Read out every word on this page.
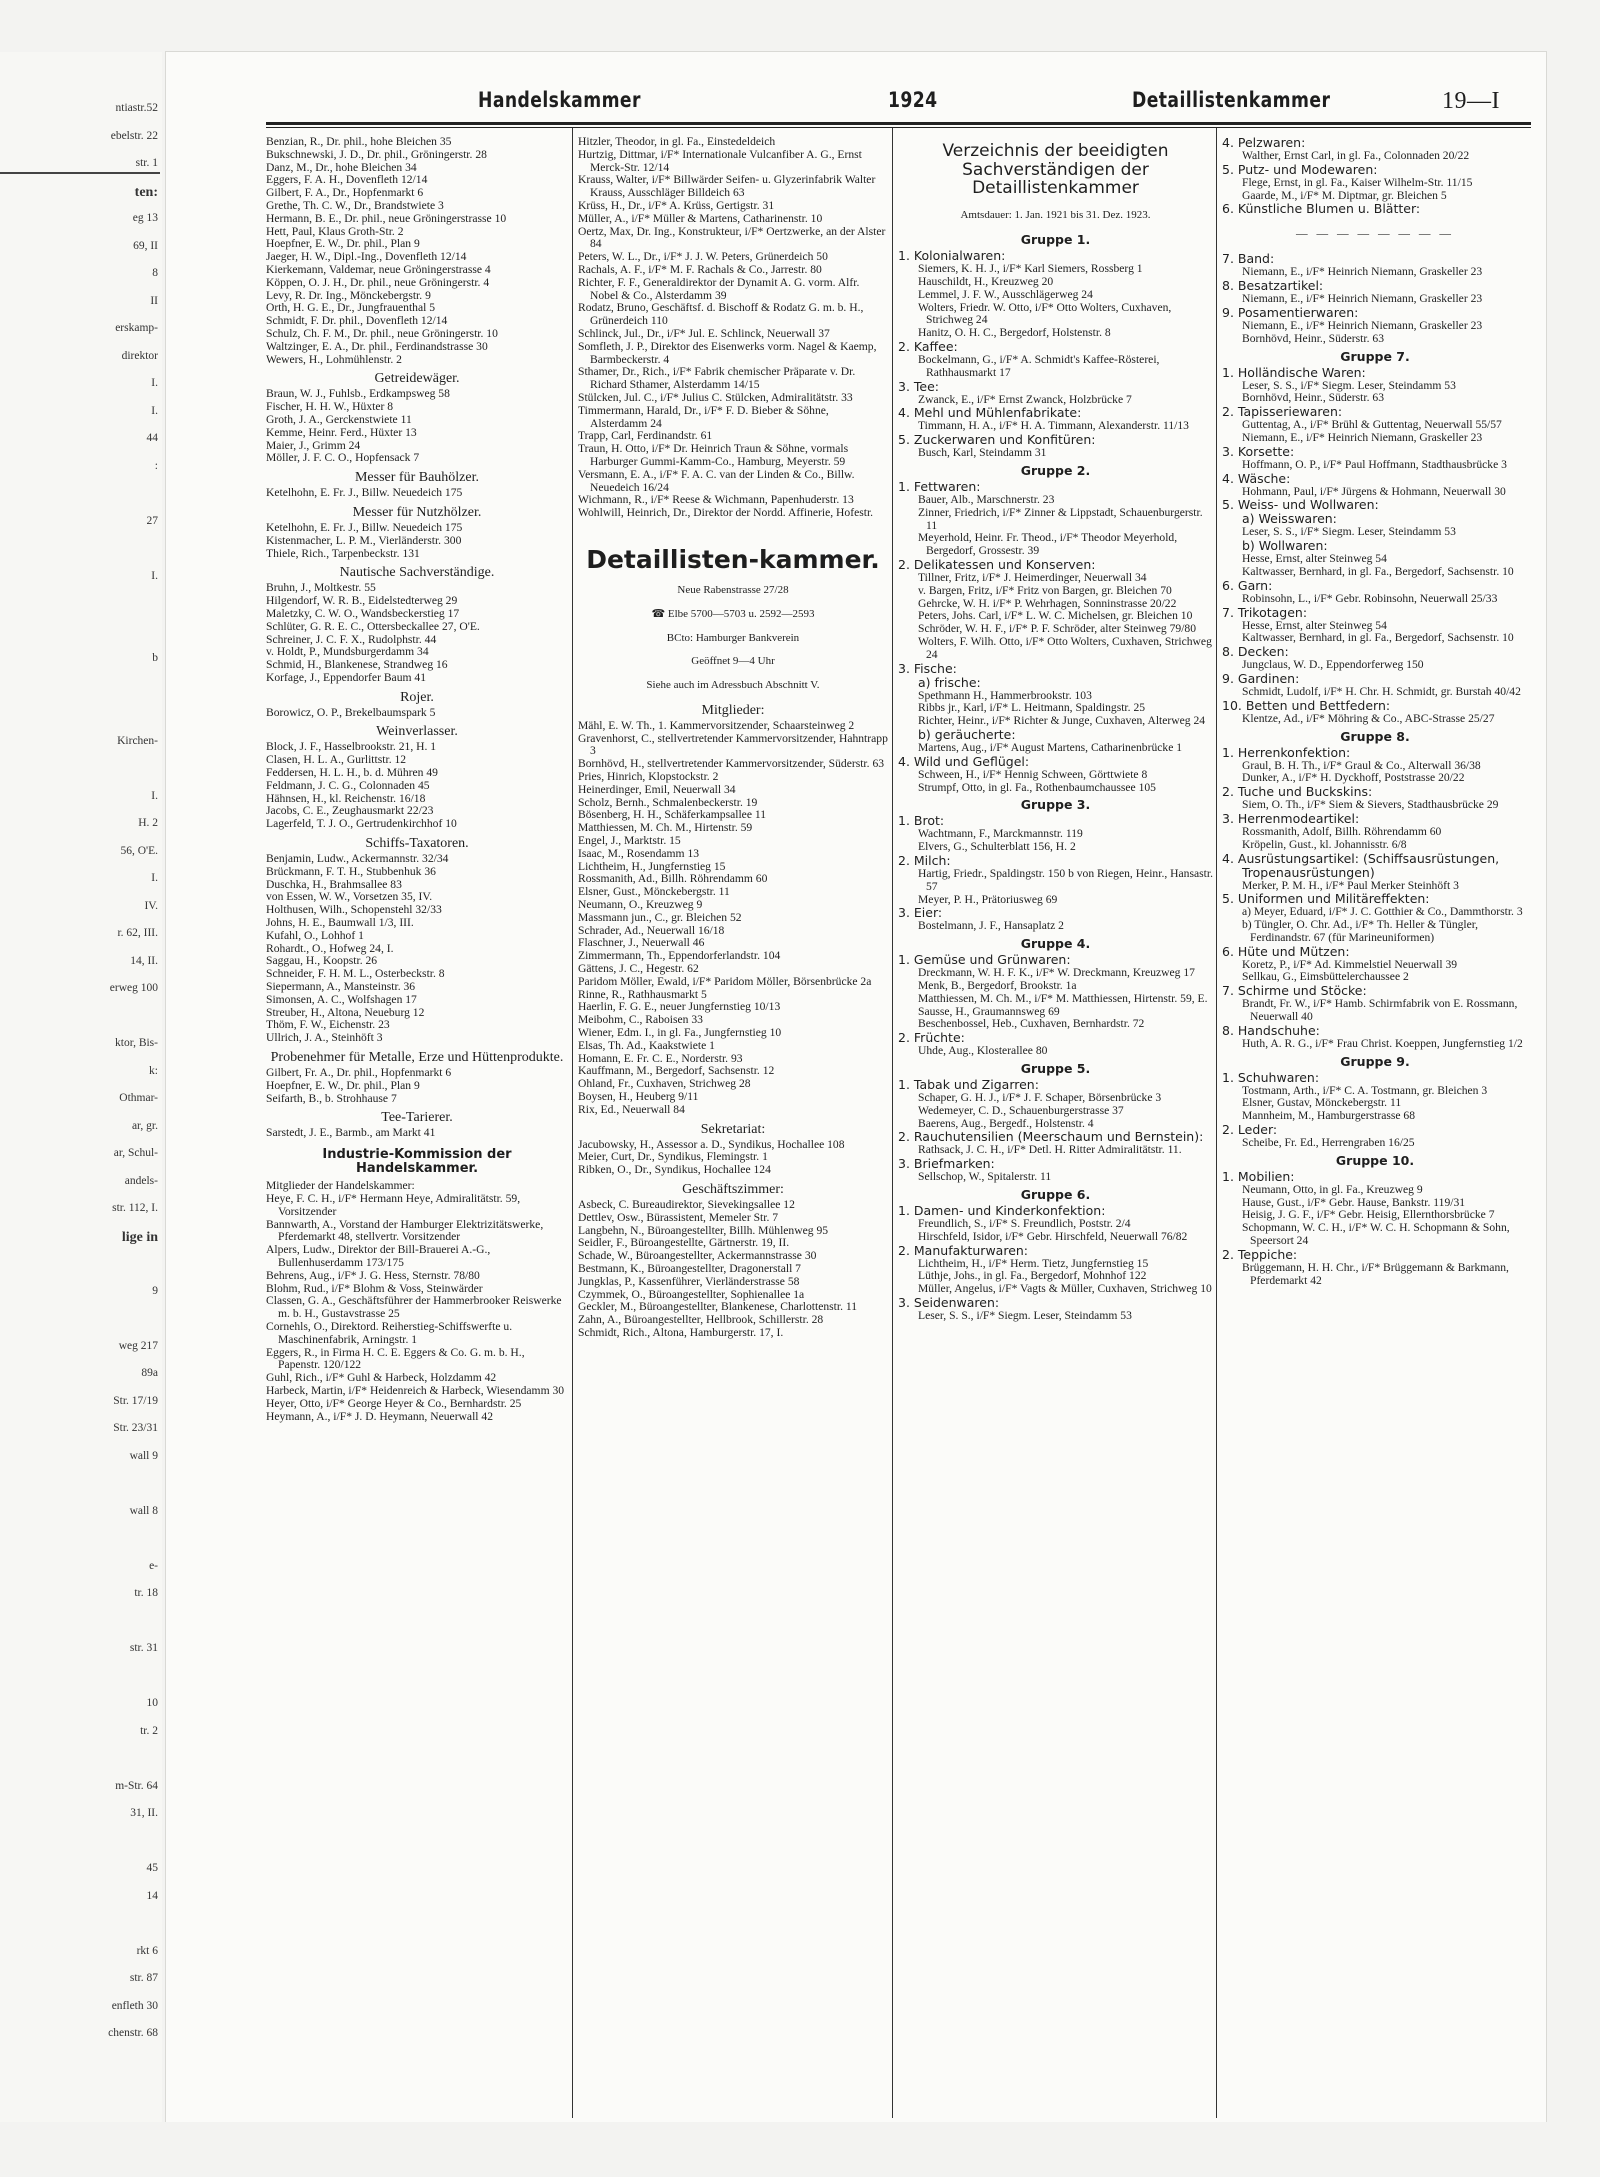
ntiastr.52
ebelstr. 22
str. 1
ten:
eg 13
69, II
8
II
erskamp-
direktor
I.
I.
44
:
27
I.
b
Kirchen-
I.
H. 2
56, O'E.
I.
IV.
r. 62, III.
14, II.
erweg 100
ktor, Bis-
k:
Othmar-
ar, gr.
ar, Schul-
andels-
str. 112, I.
lige in
9
weg 217
89a
Str. 17/19
Str. 23/31
wall 9
wall 8
e-
tr. 18
str. 31
10
tr. 2
m-Str. 64
31, II.
45
14
rkt 6
str. 87
enfleth 30
chenstr. 68
Handelskammer	1924	Detaillistenkammer	19—I

Benzian, R., Dr. phil., hohe Bleichen 35

Bukschnewski, J. D., Dr. phil., Gröningerstr. 28

Danz, M., Dr., hohe Bleichen 34

Eggers, F. A. H., Dovenfleth 12/14

Gilbert, F. A., Dr., Hopfenmarkt 6

Grethe, Th. C. W., Dr., Brandstwiete 3

Hermann, B. E., Dr. phil., neue Gröningerstrasse 10

Hett, Paul, Klaus Groth-Str. 2

Hoepfner, E. W., Dr. phil., Plan 9

Jaeger, H. W., Dipl.-Ing., Dovenfleth 12/14

Kierkemann, Valdemar, neue Gröningerstrasse 4

Köppen, O. J. H., Dr. phil., neue Gröningerstr. 4

Levy, R. Dr. Ing., Mönckebergstr. 9

Orth, H. G. E., Dr., Jungfrauenthal 5

Schmidt, F. Dr. phil., Dovenfleth 12/14

Schulz, Ch. F. M., Dr. phil., neue Gröningerstr. 10

Waltzinger, E. A., Dr. phil., Ferdinandstrasse 30

Wewers, H., Lohmühlenstr. 2

Getreidewäger.

Braun, W. J., Fuhlsb., Erdkampsweg 58

Fischer, H. H. W., Hüxter 8

Groth, J. A., Gerckenstwiete 11

Kemme, Heinr. Ferd., Hüxter 13

Maier, J., Grimm 24

Möller, J. F. C. O., Hopfensack 7

Messer für Bauhölzer.

Ketelhohn, E. Fr. J., Billw. Neuedeich 175

Messer für Nutzhölzer.

Ketelhohn, E. Fr. J., Billw. Neuedeich 175

Kistenmacher, L. P. M., Vierländerstr. 300

Thiele, Rich., Tarpenbeckstr. 131

Nautische Sachverständige.

Bruhn, J., Moltkestr. 55

Hilgendorf, W. R. B., Eidelstedterweg 29

Maletzky, C. W. O., Wandsbeckerstieg 17

Schlüter, G. R. E. C., Ottersbeckallee 27, O'E.

Schreiner, J. C. F. X., Rudolphstr. 44

v. Holdt, P., Mundsburgerdamm 34

Schmid, H., Blankenese, Strandweg 16

Korfage, J., Eppendorfer Baum 41

Rojer.

Borowicz, O. P., Brekelbaumspark 5

Weinverlasser.

Block, J. F., Hasselbrookstr. 21, H. 1

Clasen, H. L. A., Gurlittstr. 12

Feddersen, H. L. H., b. d. Mühren 49

Feldmann, J. C. G., Colonnaden 45

Hähnsen, H., kl. Reichenstr. 16/18

Jacobs, C. E., Zeughausmarkt 22/23

Lagerfeld, T. J. O., Gertrudenkirchhof 10

Schiffs-Taxatoren.

Benjamin, Ludw., Ackermannstr. 32/34

Brückmann, F. T. H., Stubbenhuk 36

Duschka, H., Brahmsallee 83

von Essen, W. W., Vorsetzen 35, IV.

Holthusen, Wilh., Schopenstehl 32/33

Johns, H. E., Baumwall 1/3, III.

Kufahl, O., Lohhof 1

Rohardt., O., Hofweg 24, I.

Saggau, H., Koopstr. 26

Schneider, F. H. M. L., Osterbeckstr. 8

Siepermann, A., Mansteinstr. 36

Simonsen, A. C., Wolfshagen 17

Streuber, H., Altona, Neueburg 12

Thöm, F. W., Eichenstr. 23

Ullrich, J. A., Steinhöft 3

Probenehmer für Metalle, Erze und Hüttenprodukte.

Gilbert, Fr. A., Dr. phil., Hopfenmarkt 6

Hoepfner, E. W., Dr. phil., Plan 9

Seifarth, B., b. Strohhause 7

Tee-Tarierer.

Sarstedt, J. E., Barmb., am Markt 41

Industrie-Kommission der Handelskammer.

Mitglieder der Handelskammer:

Heye, F. C. H., i/F* Hermann Heye, Admiralitätstr. 59, Vorsitzender

Bannwarth, A., Vorstand der Hamburger Elektrizitätswerke, Pferdemarkt 48, stellvertr. Vorsitzender

Alpers, Ludw., Direktor der Bill-Brauerei A.-G., Bullenhuserdamm 173/175

Behrens, Aug., i/F* J. G. Hess, Sternstr. 78/80

Blohm, Rud., i/F* Blohm & Voss, Steinwärder

Classen, G. A., Geschäftsführer der Hammerbrooker Reiswerke m. b. H., Gustavstrasse 25

Cornehls, O., Direktord. Reiherstieg-Schiffswerfte u. Maschinenfabrik, Arningstr. 1

Eggers, R., in Firma H. C. E. Eggers & Co. G. m. b. H., Papenstr. 120/122

Guhl, Rich., i/F* Guhl & Harbeck, Holzdamm 42

Harbeck, Martin, i/F* Heidenreich & Harbeck, Wiesendamm 30

Heyer, Otto, i/F* George Heyer & Co., Bernhardstr. 25

Heymann, A., i/F* J. D. Heymann, Neuerwall 42

Hitzler, Theodor, in gl. Fa., Einstedeldeich

Hurtzig, Dittmar, i/F* Internationale Vulcanfiber A. G., Ernst Merck-Str. 12/14

Krauss, Walter, i/F* Billwärder Seifen- u. Glyzerinfabrik Walter Krauss, Ausschläger Billdeich 63

Krüss, H., Dr., i/F* A. Krüss, Gertigstr. 31

Müller, A., i/F* Müller & Martens, Catharinenstr. 10

Oertz, Max, Dr. Ing., Konstrukteur, i/F* Oertzwerke, an der Alster 84

Peters, W. L., Dr., i/F* J. J. W. Peters, Grünerdeich 50

Rachals, A. F., i/F* M. F. Rachals & Co., Jarrestr. 80

Richter, F. F., Generaldirektor der Dynamit A. G. vorm. Alfr. Nobel & Co., Alsterdamm 39

Rodatz, Bruno, Geschäftsf. d. Bischoff & Rodatz G. m. b. H., Grünerdeich 110

Schlinck, Jul., Dr., i/F* Jul. E. Schlinck, Neuerwall 37

Somfleth, J. P., Direktor des Eisenwerks vorm. Nagel & Kaemp, Barmbeckerstr. 4

Sthamer, Dr., Rich., i/F* Fabrik chemischer Präparate v. Dr. Richard Sthamer, Alsterdamm 14/15

Stülcken, Jul. C., i/F* Julius C. Stülcken, Admiralitätstr. 33

Timmermann, Harald, Dr., i/F* F. D. Bieber & Söhne, Alsterdamm 24

Trapp, Carl, Ferdinandstr. 61

Traun, H. Otto, i/F* Dr. Heinrich Traun & Söhne, vormals Harburger Gummi-Kamm-Co., Hamburg, Meyerstr. 59

Versmann, E. A., i/F* F. A. C. van der Linden & Co., Billw. Neuedeich 16/24

Wichmann, R., i/F* Reese & Wichmann, Papenhuderstr. 13

Wohlwill, Heinrich, Dr., Direktor der Nordd. Affinerie, Hofestr.

Detaillisten-kammer.

Neue Rabenstrasse 27/28

☎ Elbe 5700—5703 u. 2592—2593

BCto: Hamburger Bankverein

Geöffnet 9—4 Uhr

Siehe auch im Adressbuch Abschnitt V.

Mitglieder:

Mähl, E. W. Th., 1. Kammervorsitzender, Schaarsteinweg 2

Gravenhorst, C., stellvertretender Kammervorsitzender, Hahntrapp 3

Bornhövd, H., stellvertretender Kammervorsitzender, Süderstr. 63

Pries, Hinrich, Klopstockstr. 2

Heinerdinger, Emil, Neuerwall 34

Scholz, Bernh., Schmalenbeckerstr. 19

Bösenberg, H. H., Schäferkampsallee 11

Matthiessen, M. Ch. M., Hirtenstr. 59

Engel, J., Marktstr. 15

Isaac, M., Rosendamm 13

Lichtheim, H., Jungfernstieg 15

Rossmanith, Ad., Billh. Röhrendamm 60

Elsner, Gust., Mönckebergstr. 11

Neumann, O., Kreuzweg 9

Massmann jun., C., gr. Bleichen 52

Schrader, Ad., Neuerwall 16/18

Flaschner, J., Neuerwall 46

Zimmermann, Th., Eppendorferlandstr. 104

Gättens, J. C., Hegestr. 62

Paridom Möller, Ewald, i/F* Paridom Möller, Börsenbrücke 2a

Rinne, R., Rathhausmarkt 5

Haerlin, F. G. E., neuer Jungfernstieg 10/13

Meibohm, C., Raboisen 33

Wiener, Edm. I., in gl. Fa., Jungfernstieg 10

Elsas, Th. Ad., Kaakstwiete 1

Homann, E. Fr. C. E., Norderstr. 93

Kauffmann, M., Bergedorf, Sachsenstr. 12

Ohland, Fr., Cuxhaven, Strichweg 28

Boysen, H., Heuberg 9/11

Rix, Ed., Neuerwall 84

Sekretariat:

Jacubowsky, H., Assessor a. D., Syndikus, Hochallee 108

Meier, Curt, Dr., Syndikus, Flemingstr. 1

Ribken, O., Dr., Syndikus, Hochallee 124

Geschäftszimmer:

Asbeck, C. Bureaudirektor, Sievekingsallee 12

Dettlev, Osw., Bürassistent, Memeler Str. 7

Langbehn, N., Büroangestellter, Billh. Mühlenweg 95

Seidler, F., Büroangestellte, Gärtnerstr. 19, II.

Schade, W., Büroangestellter, Ackermannstrasse 30

Bestmann, K., Büroangestellter, Dragonerstall 7

Jungklas, P., Kassenführer, Vierländerstrasse 58

Czymmek, O., Büroangestellter, Sophienallee 1a

Geckler, M., Büroangestellter, Blankenese, Charlottenstr. 11

Zahn, A., Büroangestellter, Hellbrook, Schillerstr. 28

Schmidt, Rich., Altona, Hamburgerstr. 17, I.

Verzeichnis der beeidigten Sachverständigen der Detaillistenkammer

Amtsdauer: 1. Jan. 1921 bis 31. Dez. 1923.

Gruppe 1.

1. Kolonialwaren:

Siemers, K. H. J., i/F* Karl Siemers, Rossberg 1

Hauschildt, H., Kreuzweg 20

Lemmel, J. F. W., Ausschlägerweg 24

Wolters, Friedr. W. Otto, i/F* Otto Wolters, Cuxhaven, Strichweg 24

Hanitz, O. H. C., Bergedorf, Holstenstr. 8

2. Kaffee:

Bockelmann, G., i/F* A. Schmidt's Kaffee-Rösterei, Rathhausmarkt 17

3. Tee:

Zwanck, E., i/F* Ernst Zwanck, Holzbrücke 7

4. Mehl und Mühlenfabrikate:

Timmann, H. A., i/F* H. A. Timmann, Alexanderstr. 11/13

5. Zuckerwaren und Konfitüren:

Busch, Karl, Steindamm 31

Gruppe 2.

1. Fettwaren:

Bauer, Alb., Marschnerstr. 23

Zinner, Friedrich, i/F* Zinner & Lippstadt, Schauenburgerstr. 11

Meyerhold, Heinr. Fr. Theod., i/F* Theodor Meyerhold, Bergedorf, Grossestr. 39

2. Delikatessen und Konserven:

Tillner, Fritz, i/F* J. Heimerdinger, Neuerwall 34

v. Bargen, Fritz, i/F* Fritz von Bargen, gr. Bleichen 70

Gehrcke, W. H. i/F* P. Wehrhagen, Sonninstrasse 20/22

Peters, Johs. Carl, i/F* L. W. C. Michelsen, gr. Bleichen 10

Schröder, W. H. F., i/F* P. F. Schröder, alter Steinweg 79/80

Wolters, F. Wilh. Otto, i/F* Otto Wolters, Cuxhaven, Strichweg 24

3. Fische:

a) frische:

Spethmann H., Hammerbrookstr. 103

Ribbs jr., Karl, i/F* L. Heitmann, Spaldingstr. 25

Richter, Heinr., i/F* Richter & Junge, Cuxhaven, Alterweg 24

b) geräucherte:

Martens, Aug., i/F* August Martens, Catharinenbrücke 1

4. Wild und Geflügel:

Schween, H., i/F* Hennig Schween, Görttwiete 8

Strumpf, Otto, in gl. Fa., Rothenbaumchaussee 105

Gruppe 3.

1. Brot:

Wachtmann, F., Marckmannstr. 119

Elvers, G., Schulterblatt 156, H. 2

2. Milch:

Hartig, Friedr., Spaldingstr. 150 b von Riegen, Heinr., Hansastr. 57

Meyer, P. H., Prätoriusweg 69

3. Eier:

Bostelmann, J. F., Hansaplatz 2

Gruppe 4.

1. Gemüse und Grünwaren:

Dreckmann, W. H. F. K., i/F* W. Dreckmann, Kreuzweg 17

Menk, B., Bergedorf, Brookstr. 1a

Matthiessen, M. Ch. M., i/F* M. Matthiessen, Hirtenstr. 59, E.

Sausse, H., Graumannsweg 69

Beschenbossel, Heb., Cuxhaven, Bernhardstr. 72

2. Früchte:

Uhde, Aug., Klosterallee 80

Gruppe 5.

1. Tabak und Zigarren:

Schaper, G. H. J., i/F* J. F. Schaper, Börsenbrücke 3

Wedemeyer, C. D., Schauenburgerstrasse 37

Baerens, Aug., Bergedf., Holstenstr. 4

2. Rauchutensilien (Meerschaum und Bernstein):

Rathsack, J. C. H., i/F* Detl. H. Ritter Admiralitätstr. 11.

3. Briefmarken:

Sellschop, W., Spitalerstr. 11

Gruppe 6.

1. Damen- und Kinderkonfektion:

Freundlich, S., i/F* S. Freundlich, Poststr. 2/4

Hirschfeld, Isidor, i/F* Gebr. Hirschfeld, Neuerwall 76/82

2. Manufakturwaren:

Lichtheim, H., i/F* Herm. Tietz, Jungfernstieg 15

Lüthje, Johs., in gl. Fa., Bergedorf, Mohnhof 122

Müller, Angelus, i/F* Vagts & Müller, Cuxhaven, Strichweg 10

3. Seidenwaren:

Leser, S. S., i/F* Siegm. Leser, Steindamm 53

4. Pelzwaren:

Walther, Ernst Carl, in gl. Fa., Colonnaden 20/22

5. Putz- und Modewaren:

Flege, Ernst, in gl. Fa., Kaiser Wilhelm-Str. 11/15

Gaarde, M., i/F* M. Diptmar, gr. Bleichen 5

6. Künstliche Blumen u. Blätter:

— — — — — — — —

7. Band:

Niemann, E., i/F* Heinrich Niemann, Graskeller 23

8. Besatzartikel:

Niemann, E., i/F* Heinrich Niemann, Graskeller 23

9. Posamentierwaren:

Niemann, E., i/F* Heinrich Niemann, Graskeller 23

Bornhövd, Heinr., Süderstr. 63

Gruppe 7.

1. Holländische Waren:

Leser, S. S., i/F* Siegm. Leser, Steindamm 53

Bornhövd, Heinr., Süderstr. 63

2. Tapisseriewaren:

Guttentag, A., i/F* Brühl & Guttentag, Neuerwall 55/57

Niemann, E., i/F* Heinrich Niemann, Graskeller 23

3. Korsette:

Hoffmann, O. P., i/F* Paul Hoffmann, Stadthausbrücke 3

4. Wäsche:

Hohmann, Paul, i/F* Jürgens & Hohmann, Neuerwall 30

5. Weiss- und Wollwaren:

a) Weisswaren:

Leser, S. S., i/F* Siegm. Leser, Steindamm 53

b) Wollwaren:

Hesse, Ernst, alter Steinweg 54

Kaltwasser, Bernhard, in gl. Fa., Bergedorf, Sachsenstr. 10

6. Garn:

Robinsohn, L., i/F* Gebr. Robinsohn, Neuerwall 25/33

7. Trikotagen:

Hesse, Ernst, alter Steinweg 54

Kaltwasser, Bernhard, in gl. Fa., Bergedorf, Sachsenstr. 10

8. Decken:

Jungclaus, W. D., Eppendorferweg 150

9. Gardinen:

Schmidt, Ludolf, i/F* H. Chr. H. Schmidt, gr. Burstah 40/42

10. Betten und Bettfedern:

Klentze, Ad., i/F* Möhring & Co., ABC-Strasse 25/27

Gruppe 8.

1. Herrenkonfektion:

Graul, B. H. Th., i/F* Graul & Co., Alterwall 36/38

Dunker, A., i/F* H. Dyckhoff, Poststrasse 20/22

2. Tuche und Buckskins:

Siem, O. Th., i/F* Siem & Sievers, Stadthausbrücke 29

3. Herrenmodeartikel:

Rossmanith, Adolf, Billh. Röhrendamm 60

Kröpelin, Gust., kl. Johannisstr. 6/8

4. Ausrüstungsartikel: (Schiffsausrüstungen, Tropenausrüstungen)

Merker, P. M. H., i/F* Paul Merker Steinhöft 3

5. Uniformen und Militäreffekten:

a) Meyer, Eduard, i/F* J. C. Gotthier & Co., Dammthorstr. 3

b) Tüngler, O. Chr. Ad., i/F* Th. Heller & Tüngler, Ferdinandstr. 67 (für Marineuniformen)

6. Hüte und Mützen:

Koretz, P., i/F* Ad. Kimmelstiel Neuerwall 39

Sellkau, G., Eimsbüttelerchaussee 2

7. Schirme und Stöcke:

Brandt, Fr. W., i/F* Hamb. Schirmfabrik von E. Rossmann, Neuerwall 40

8. Handschuhe:

Huth, A. R. G., i/F* Frau Christ. Koeppen, Jungfernstieg 1/2

Gruppe 9.

1. Schuhwaren:

Tostmann, Arth., i/F* C. A. Tostmann, gr. Bleichen 3

Elsner, Gustav, Mönckebergstr. 11

Mannheim, M., Hamburgerstrasse 68

2. Leder:

Scheibe, Fr. Ed., Herrengraben 16/25

Gruppe 10.

1. Mobilien:

Neumann, Otto, in gl. Fa., Kreuzweg 9

Hause, Gust., i/F* Gebr. Hause, Bankstr. 119/31

Heisig, J. G. F., i/F* Gebr. Heisig, Ellernthorsbrücke 7

Schopmann, W. C. H., i/F* W. C. H. Schopmann & Sohn, Speersort 24

2. Teppiche:

Brüggemann, H. H. Chr., i/F* Brüggemann & Barkmann, Pferdemarkt 42
